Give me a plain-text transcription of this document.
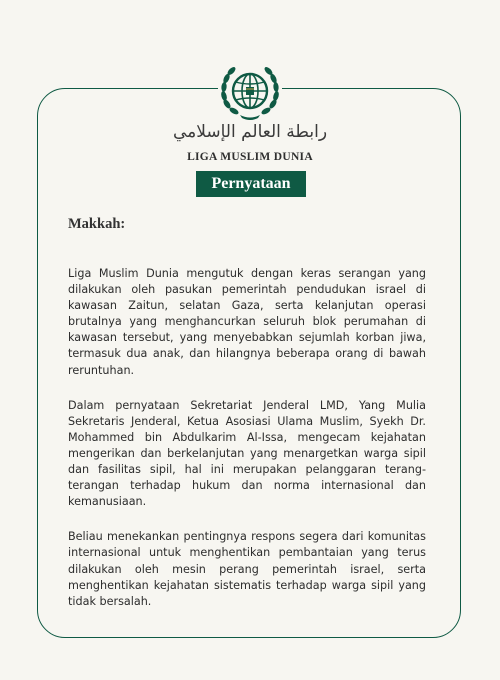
رابطة العالم الإسلامي
LIGA MUSLIM DUNIA
Pernyataan
Makkah:

Liga Muslim Dunia mengutuk dengan keras serangan yang dilakukan oleh pasukan pemerintah pendudukan israel di kawasan Zaitun, selatan Gaza, serta kelanjutan operasi brutalnya yang menghancurkan seluruh blok perumahan di kawasan tersebut, yang menyebabkan sejumlah korban jiwa, termasuk dua anak, dan hilangnya beberapa orang di bawah reruntuhan.

Dalam pernyataan Sekretariat Jenderal LMD, Yang Mulia Sekretaris Jenderal, Ketua Asosiasi Ulama Muslim, Syekh Dr. Mohammed bin Abdulkarim Al-Issa, mengecam kejahatan mengerikan dan berkelanjutan yang menargetkan warga sipil dan fasilitas sipil, hal ini merupakan pelanggaran terang-terangan terhadap hukum dan norma internasional dan kemanusiaan.

Beliau menekankan pentingnya respons segera dari komunitas internasional untuk menghentikan pembantaian yang terus dilakukan oleh mesin perang pemerintah israel, serta menghentikan kejahatan sistematis terhadap warga sipil yang tidak bersalah.
